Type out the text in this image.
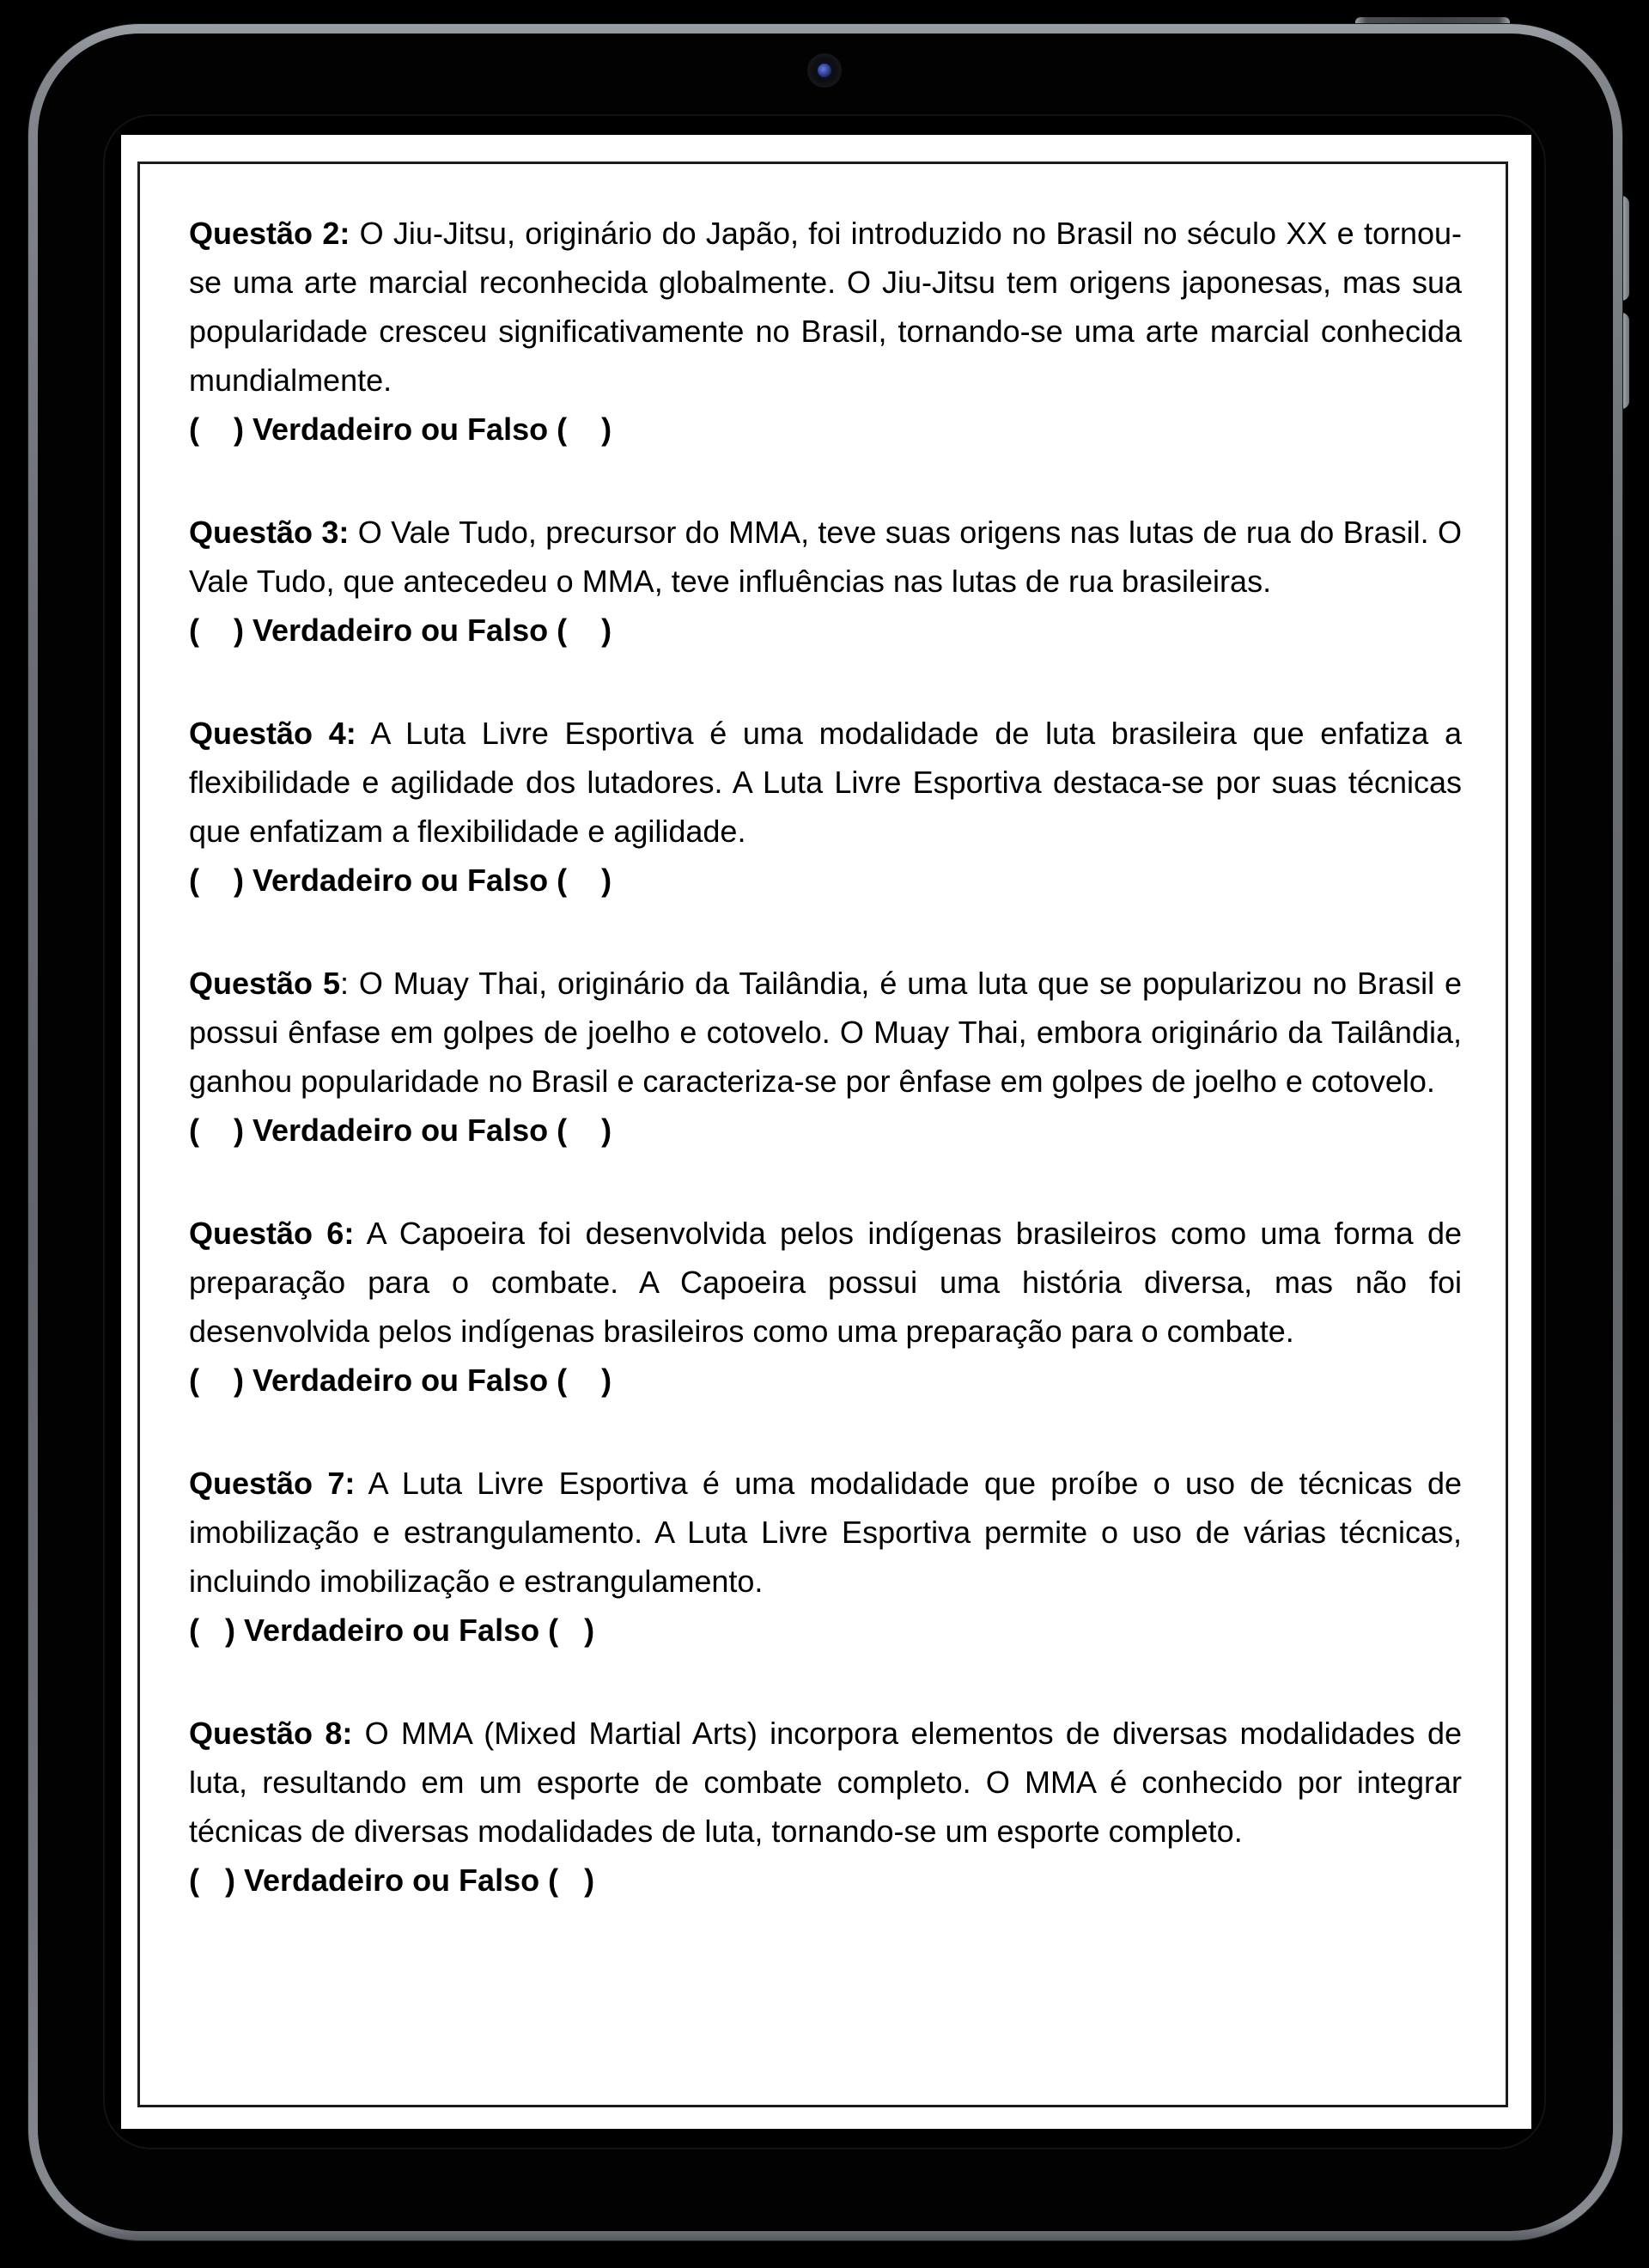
Questão 2: O Jiu-Jitsu, originário do Japão, foi introduzido no Brasil no século XX e tornou-se uma arte marcial reconhecida globalmente. O Jiu-Jitsu tem origens japonesas, mas sua popularidade cresceu significativamente no Brasil, tornando-se uma arte marcial conhecida mundialmente.

(    ) Verdadeiro ou Falso (    )

Questão 3: O Vale Tudo, precursor do MMA, teve suas origens nas lutas de rua do Brasil. O Vale Tudo, que antecedeu o MMA, teve influências nas lutas de rua brasileiras.

(    ) Verdadeiro ou Falso (    )

Questão 4: A Luta Livre Esportiva é uma modalidade de luta brasileira que enfatiza a flexibilidade e agilidade dos lutadores. A Luta Livre Esportiva destaca-se por suas técnicas que enfatizam a flexibilidade e agilidade.

(    ) Verdadeiro ou Falso (    )

Questão 5: O Muay Thai, originário da Tailândia, é uma luta que se popularizou no Brasil e possui ênfase em golpes de joelho e cotovelo. O Muay Thai, embora originário da Tailândia, ganhou popularidade no Brasil e caracteriza-se por ênfase em golpes de joelho e cotovelo.

(    ) Verdadeiro ou Falso (    )

Questão 6: A Capoeira foi desenvolvida pelos indígenas brasileiros como uma forma de preparação para o combate. A Capoeira possui uma história diversa, mas não foi desenvolvida pelos indígenas brasileiros como uma preparação para o combate.

(    ) Verdadeiro ou Falso (    )

Questão 7: A Luta Livre Esportiva é uma modalidade que proíbe o uso de técnicas de imobilização e estrangulamento. A Luta Livre Esportiva permite o uso de várias técnicas, incluindo imobilização e estrangulamento.

(   ) Verdadeiro ou Falso (   )

Questão 8: O MMA (Mixed Martial Arts) incorpora elementos de diversas modalidades de luta, resultando em um esporte de combate completo. O MMA é conhecido por integrar técnicas de diversas modalidades de luta, tornando-se um esporte completo.

(   ) Verdadeiro ou Falso (   )
